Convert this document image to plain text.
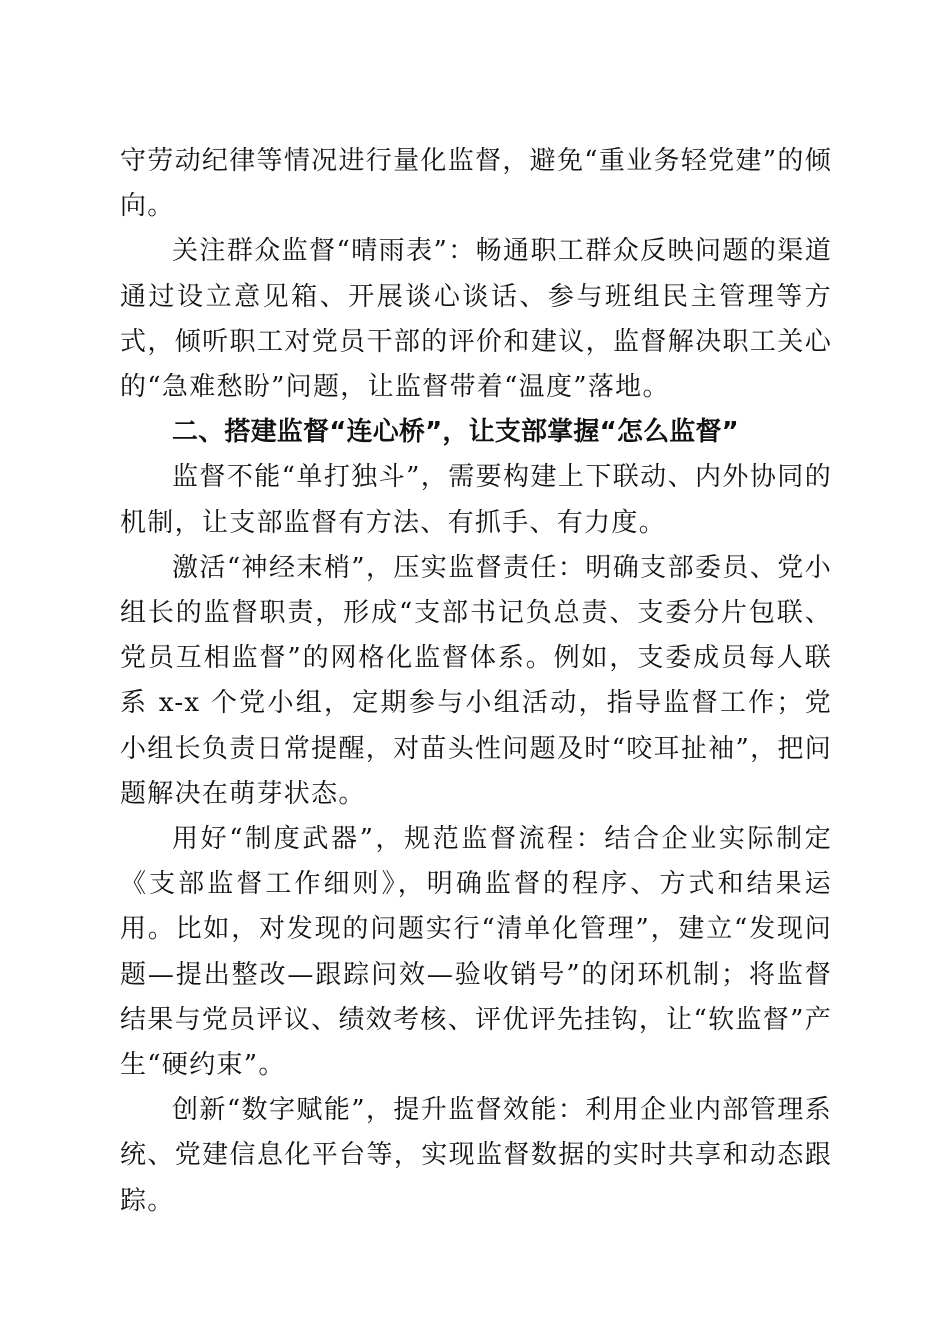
守劳动纪律等情况进行量化监督，避免“重业务轻党建”的倾向。

关注群众监督“晴雨表”：畅通职工群众反映问题的渠道通过设立意见箱、开展谈心谈话、参与班组民主管理等方式，倾听职工对党员干部的评价和建议，监督解决职工关心的“急难愁盼”问题，让监督带着“温度”落地。

二、搭建监督“连心桥”，让支部掌握“怎么监督”

监督不能“单打独斗”，需要构建上下联动、内外协同的机制，让支部监督有方法、有抓手、有力度。

激活“神经末梢”，压实监督责任：明确支部委员、党小组长的监督职责，形成“支部书记负总责、支委分片包联、党员互相监督”的网格化监督体系。例如，支委成员每人联系 x-x 个党小组，定期参与小组活动，指导监督工作；党小组长负责日常提醒，对苗头性问题及时“咬耳扯袖”，把问题解决在萌芽状态。

用好“制度武器”，规范监督流程：结合企业实际制定《支部监督工作细则》，明确监督的程序、方式和结果运用。比如，对发现的问题实行“清单化管理”，建立“发现问题—提出整改—跟踪问效—验收销号”的闭环机制；将监督结果与党员评议、绩效考核、评优评先挂钩，让“软监督”产生“硬约束”。

创新“数字赋能”，提升监督效能：利用企业内部管理系统、党建信息化平台等，实现监督数据的实时共享和动态跟踪。
